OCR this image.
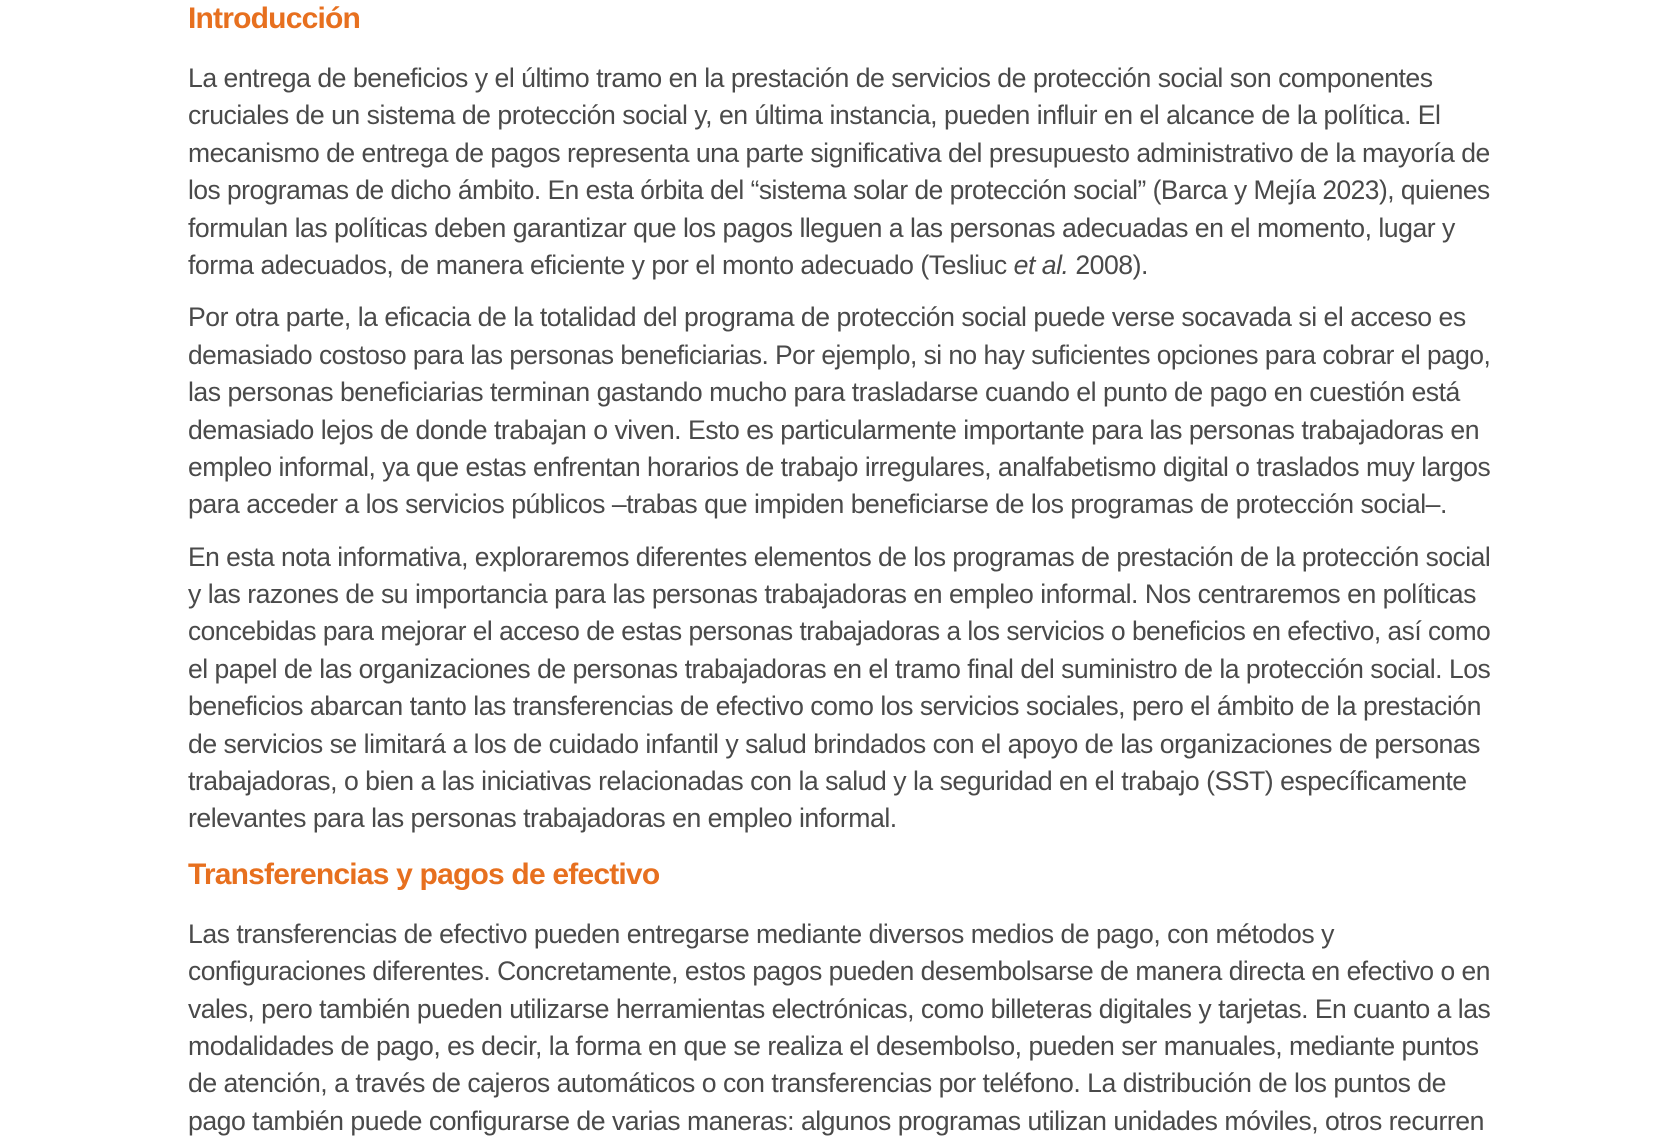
Introducción
La entrega de beneficios y el último tramo en la prestación de servicios de protección social son componentes
cruciales de un sistema de protección social y, en última instancia, pueden influir en el alcance de la política. El
mecanismo de entrega de pagos representa una parte significativa del presupuesto administrativo de la mayoría de
los programas de dicho ámbito. En esta órbita del “sistema solar de protección social” (Barca y Mejía 2023), quienes
formulan las políticas deben garantizar que los pagos lleguen a las personas adecuadas en el momento, lugar y
forma adecuados, de manera eficiente y por el monto adecuado (Tesliuc et al. 2008).
Por otra parte, la eficacia de la totalidad del programa de protección social puede verse socavada si el acceso es
demasiado costoso para las personas beneficiarias. Por ejemplo, si no hay suficientes opciones para cobrar el pago,
las personas beneficiarias terminan gastando mucho para trasladarse cuando el punto de pago en cuestión está
demasiado lejos de donde trabajan o viven. Esto es particularmente importante para las personas trabajadoras en
empleo informal, ya que estas enfrentan horarios de trabajo irregulares, analfabetismo digital o traslados muy largos
para acceder a los servicios públicos –trabas que impiden beneficiarse de los programas de protección social–.
En esta nota informativa, exploraremos diferentes elementos de los programas de prestación de la protección social
y las razones de su importancia para las personas trabajadoras en empleo informal. Nos centraremos en políticas
concebidas para mejorar el acceso de estas personas trabajadoras a los servicios o beneficios en efectivo, así como
el papel de las organizaciones de personas trabajadoras en el tramo final del suministro de la protección social. Los
beneficios abarcan tanto las transferencias de efectivo como los servicios sociales, pero el ámbito de la prestación
de servicios se limitará a los de cuidado infantil y salud brindados con el apoyo de las organizaciones de personas
trabajadoras, o bien a las iniciativas relacionadas con la salud y la seguridad en el trabajo (SST) específicamente
relevantes para las personas trabajadoras en empleo informal.
Transferencias y pagos de efectivo
Las transferencias de efectivo pueden entregarse mediante diversos medios de pago, con métodos y
configuraciones diferentes. Concretamente, estos pagos pueden desembolsarse de manera directa en efectivo o en
vales, pero también pueden utilizarse herramientas electrónicas, como billeteras digitales y tarjetas. En cuanto a las
modalidades de pago, es decir, la forma en que se realiza el desembolso, pueden ser manuales, mediante puntos
de atención, a través de cajeros automáticos o con transferencias por teléfono. La distribución de los puntos de
pago también puede configurarse de varias maneras: algunos programas utilizan unidades móviles, otros recurren
